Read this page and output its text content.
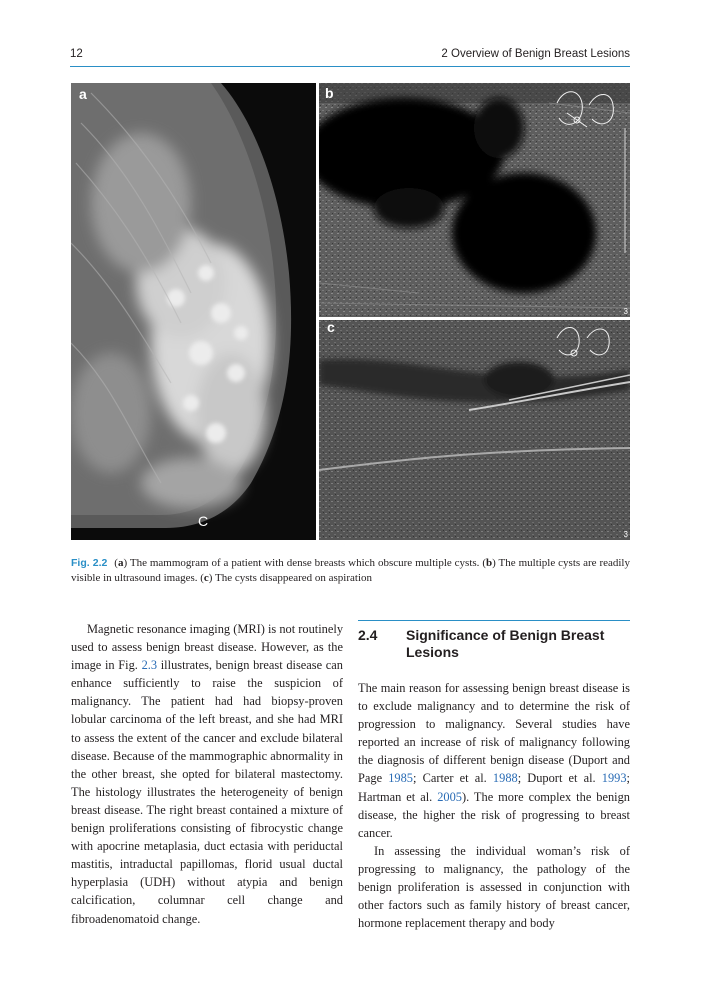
12	2 Overview of Benign Breast Lesions
a
C
b
3
c
3
Fig. 2.2 (a) The mammogram of a patient with dense breasts which obscure multiple cysts. (b) The multiple cysts are readily visible in ultrasound images. (c) The cysts disappeared on aspiration

Magnetic resonance imaging (MRI) is not routinely used to assess benign breast disease. However, as the image in Fig. 2.3 illustrates, benign breast disease can enhance sufficiently to raise the suspicion of malignancy. The patient had had biopsy-proven lobular carcinoma of the left breast, and she had MRI to assess the extent of the cancer and exclude bilateral disease. Because of the mammographic abnormality in the other breast, she opted for bilateral mastectomy. The histology illustrates the heterogeneity of benign breast disease. The right breast contained a mixture of benign proliferations consisting of fibrocystic change with apocrine metaplasia, duct ectasia with periductal mastitis, intraductal papillomas, florid usual ductal hyperplasia (UDH) without atypia and benign calcification, columnar cell change and fibroadenomatoid change.

2.4	Significance of Benign Breast Lesions

The main reason for assessing benign breast disease is to exclude malignancy and to determine the risk of progression to malignancy. Several studies have reported an increase of risk of malignancy following the diagnosis of different benign disease (Duport and Page 1985; Carter et al. 1988; Duport et al. 1993; Hartman et al. 2005). The more complex the benign disease, the higher the risk of progressing to breast cancer.

In assessing the individual woman’s risk of progressing to malignancy, the pathology of the benign proliferation is assessed in conjunction with other factors such as family history of breast cancer, hormone replacement therapy and body
